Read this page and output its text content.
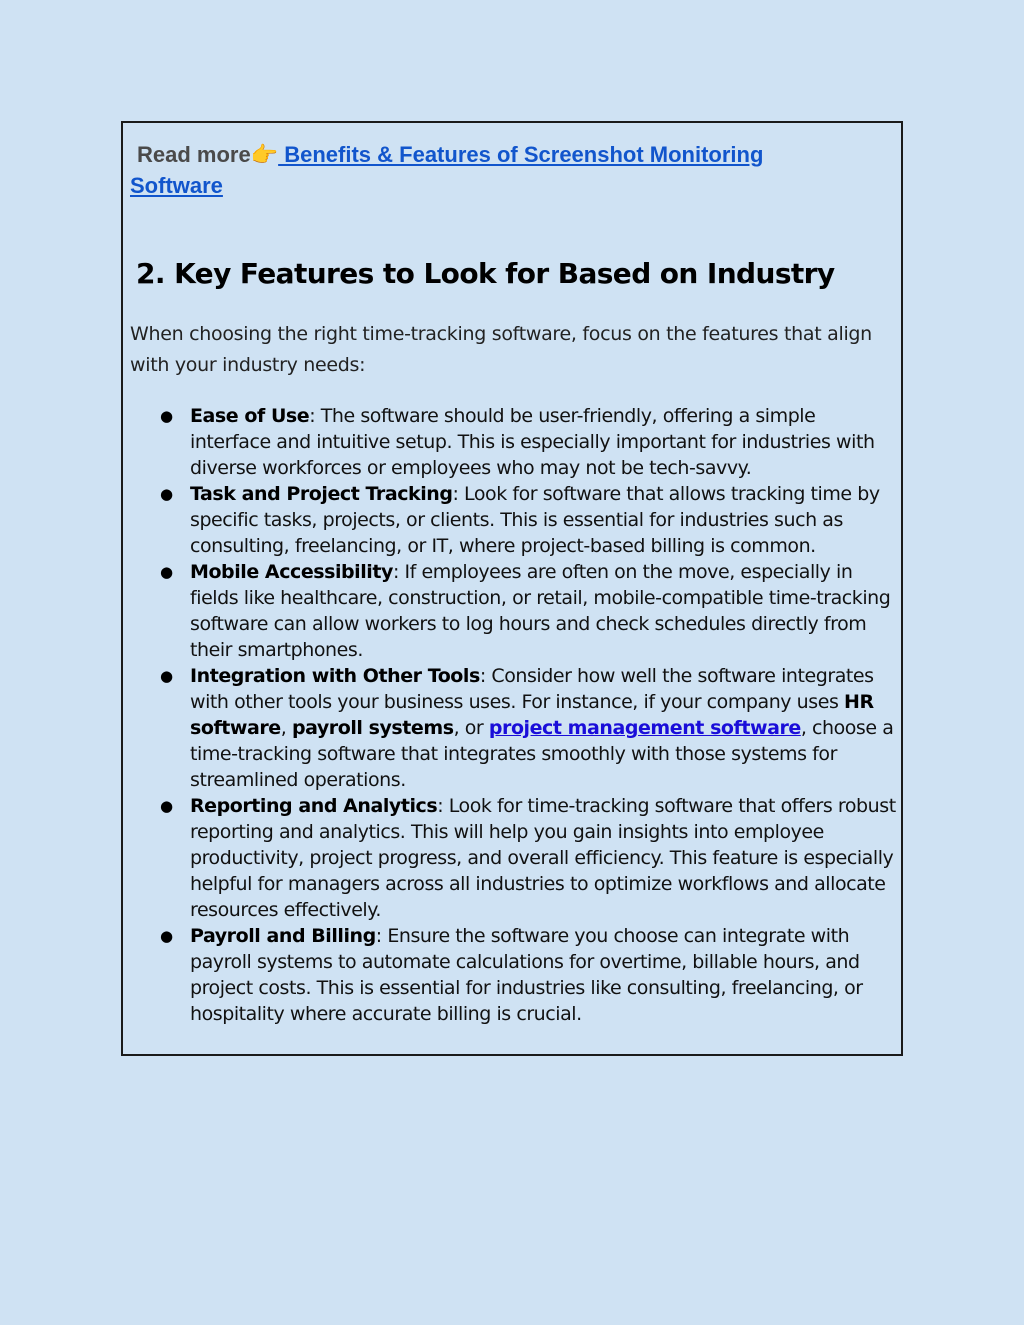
Read more👉 Benefits & Features of Screenshot Monitoring Software

2. Key Features to Look for Based on Industry

When choosing the right time-tracking software, focus on the features that align with your industry needs:

● Ease of Use: The software should be user-friendly, offering a simple interface and intuitive setup. This is especially important for industries with diverse workforces or employees who may not be tech-savvy.
● Task and Project Tracking: Look for software that allows tracking time by specific tasks, projects, or clients. This is essential for industries such as consulting, freelancing, or IT, where project-based billing is common.
● Mobile Accessibility: If employees are often on the move, especially in fields like healthcare, construction, or retail, mobile-compatible time-tracking software can allow workers to log hours and check schedules directly from their smartphones.
● Integration with Other Tools: Consider how well the software integrates with other tools your business uses. For instance, if your company uses HR software, payroll systems, or project management software, choose a time-tracking software that integrates smoothly with those systems for streamlined operations.
● Reporting and Analytics: Look for time-tracking software that offers robust reporting and analytics. This will help you gain insights into employee productivity, project progress, and overall efficiency. This feature is especially helpful for managers across all industries to optimize workflows and allocate resources effectively.
● Payroll and Billing: Ensure the software you choose can integrate with payroll systems to automate calculations for overtime, billable hours, and project costs. This is essential for industries like consulting, freelancing, or hospitality where accurate billing is crucial.
